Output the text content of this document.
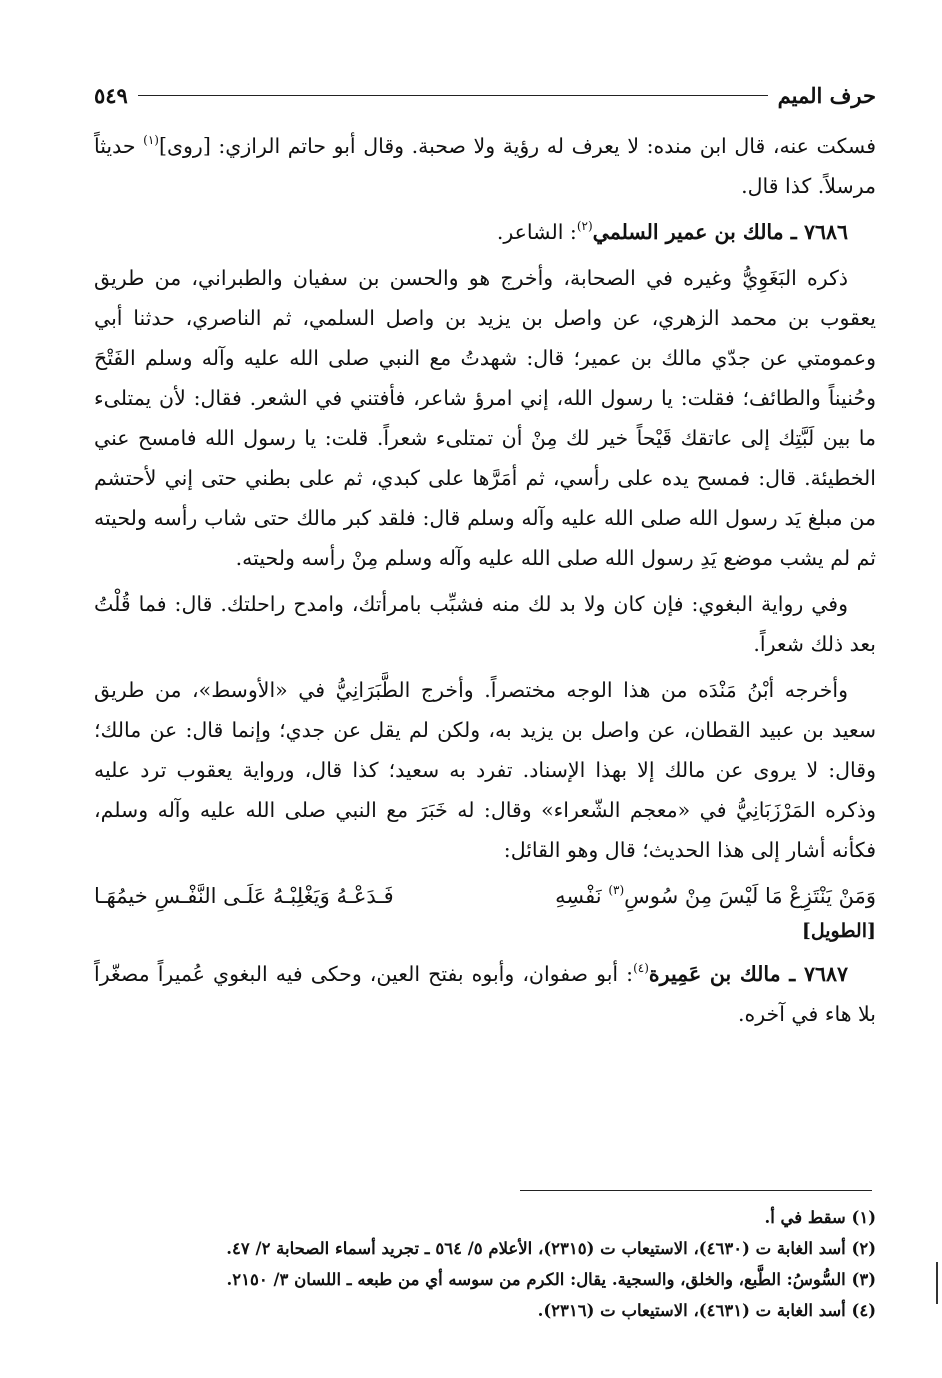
حرف الميم
٥٤٩

فسكت عنه، قال ابن منده: لا يعرف له رؤية ولا صحبة. وقال أبو حاتم الرازي: [روى]$^{(١)}$ حديثاً مرسلاً. كذا قال.

٧٦٨٦ ـ مالك بن عمير السلمي$^{(٢)}$: الشاعر.

ذكره البَغَوِيُّ وغيره في الصحابة، وأخرج هو والحسن بن سفيان والطبراني، من طريق يعقوب بن محمد الزهري، عن واصل بن يزيد بن واصل السلمي، ثم الناصري، حدثنا أبي وعمومتي عن جدّي مالك بن عمير؛ قال: شهدتُ مع النبي صلى الله عليه وآله وسلم الفَتْحَ وحُنيناً والطائف؛ فقلت: يا رسول الله، إني امرؤ شاعر، فأفتني في الشعر. فقال: لأن يمتلىء ما بين لَبَّتِك إلى عاتقك قَيْحاً خير لك مِنْ أن تمتلىء شعراً. قلت: يا رسول الله فامسح عني الخطيئة. قال: فمسح يده على رأسي، ثم أمَرَّها على كبدي، ثم على بطني حتى إني لأحتشم من مبلغ يَد رسول الله صلى الله عليه وآله وسلم قال: فلقد كبر مالك حتى شاب رأسه ولحيته ثم لم يشب موضع يَدِ رسول الله صلى الله عليه وآله وسلم مِنْ رأسه ولحيته.

وفي رواية البغوي: فإن كان ولا بد لك منه فشبِّب بامرأتك، وامدح راحلتك. قال: فما قُلْتُ بعد ذلك شعراً.

وأخرجه أبْنُ مَنْدَه من هذا الوجه مختصراً. وأخرج الطَّبَرَانِيُّ في «الأوسط»، من طريق سعيد بن عبيد القطان، عن واصل بن يزيد به، ولكن لم يقل عن جدي؛ وإنما قال: عن مالك؛ وقال: لا يروى عن مالك إلا بهذا الإسناد. تفرد به سعيد؛ كذا قال، ورواية يعقوب ترد عليه وذكره المَرْزَبَانِيُّ في «معجم الشّعراء» وقال: له خَبَرَ مع النبي صلى الله عليه وآله وسلم، فكأنه أشار إلى هذا الحديث؛ قال وهو القائل:

وَمَنْ يَنْتَزِعْ مَا لَيْسَ مِنْ سُوسِ$^{(٣)}$ نَفْسِهِ
فَـدَعْـهُ وَيَغْلِبْـهُ عَلَـى النَّفْـسِ خيمُهَـا
[الطويل]

٧٦٨٧ ـ مالك بن عَمِيرة$^{(٤)}$: أبو صفوان، وأبوه بفتح العين، وحكى فيه البغوي عُميراً مصغّراً بلا هاء في آخره.

(١) سقط في أ.
(٢) أسد الغابة ت (٤٦٣٠)، الاستيعاب ت (٢٣١٥)، الأعلام ٥/ ٥٦٤ ـ تجريد أسماء الصحابة ٢/ ٤٧.
(٣) السُّوسُ: الطَّبع، والخلق، والسجية. يقال: الكرم من سوسه أي من طبعه ـ اللسان ٣/ ٢١٥٠.
(٤) أسد الغابة ت (٤٦٣١)، الاستيعاب ت (٢٣١٦).
